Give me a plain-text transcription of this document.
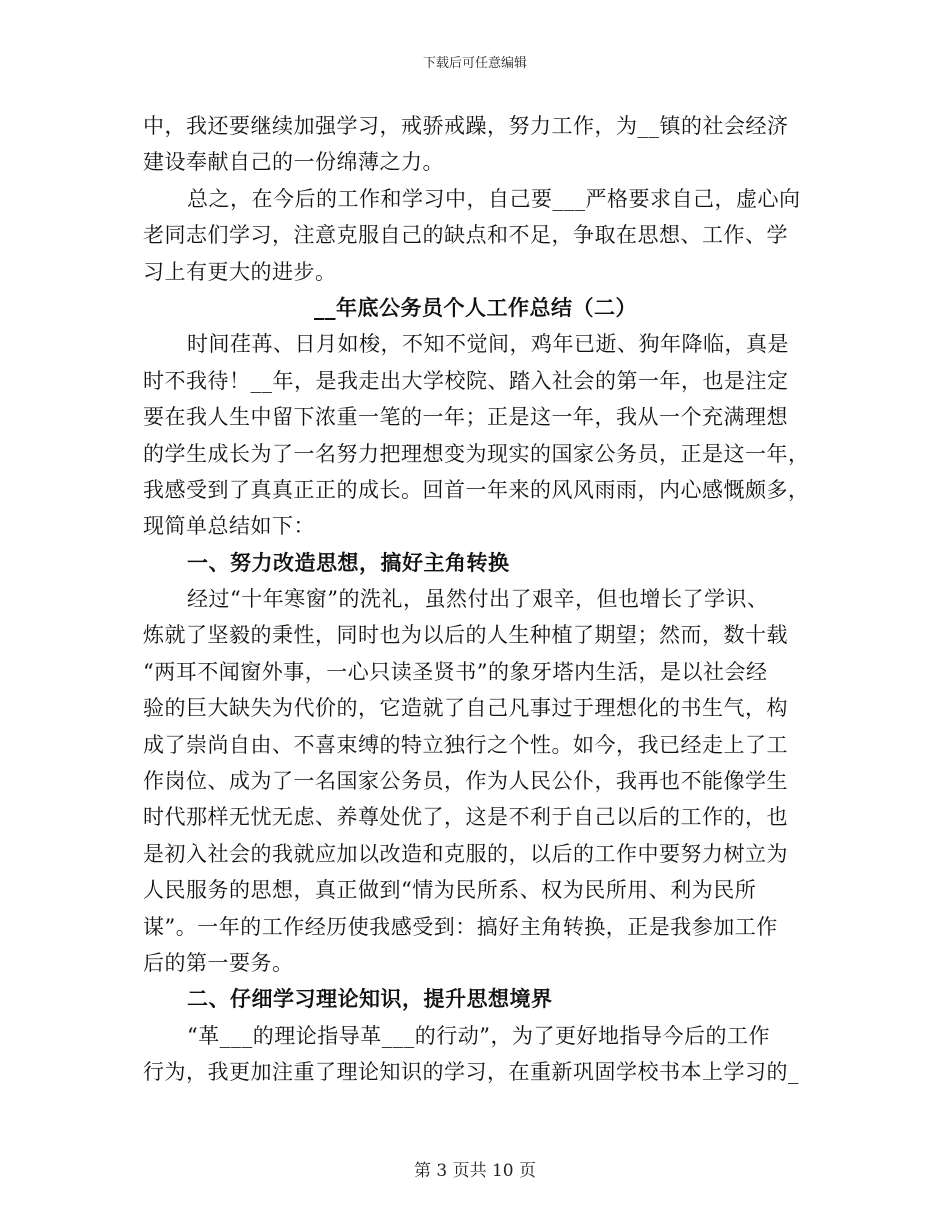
下载后可任意编辑
中，我还要继续加强学习，戒骄戒躁，努力工作，为__镇的社会经济
建设奉献自己的一份绵薄之力。
总之，在今后的工作和学习中，自己要___严格要求自己，虚心向
老同志们学习，注意克服自己的缺点和不足，争取在思想、工作、学
习上有更大的进步。
__年底公务员个人工作总结（二）
时间荏苒、日月如梭，不知不觉间，鸡年已逝、狗年降临，真是
时不我待！__年，是我走出大学校院、踏入社会的第一年，也是注定
要在我人生中留下浓重一笔的一年；正是这一年，我从一个充满理想
的学生成长为了一名努力把理想变为现实的国家公务员，正是这一年，
我感受到了真真正正的成长。回首一年来的风风雨雨，内心感慨颇多，
现简单总结如下：
一、努力改造思想，搞好主角转换
经过“十年寒窗”的洗礼，虽然付出了艰辛，但也增长了学识、
炼就了坚毅的秉性，同时也为以后的人生种植了期望；然而，数十载
“两耳不闻窗外事，一心只读圣贤书”的象牙塔内生活，是以社会经
验的巨大缺失为代价的，它造就了自己凡事过于理想化的书生气，构
成了崇尚自由、不喜束缚的特立独行之个性。如今，我已经走上了工
作岗位、成为了一名国家公务员，作为人民公仆，我再也不能像学生
时代那样无忧无虑、养尊处优了，这是不利于自己以后的工作的，也
是初入社会的我就应加以改造和克服的，以后的工作中要努力树立为
人民服务的思想，真正做到“情为民所系、权为民所用、利为民所
谋”。一年的工作经历使我感受到：搞好主角转换，正是我参加工作
后的第一要务。
二、仔细学习理论知识，提升思想境界
“革___的理论指导革___的行动”，为了更好地指导今后的工作
行为，我更加注重了理论知识的学习，在重新巩固学校书本上学习的_
第 3 页共 10 页
